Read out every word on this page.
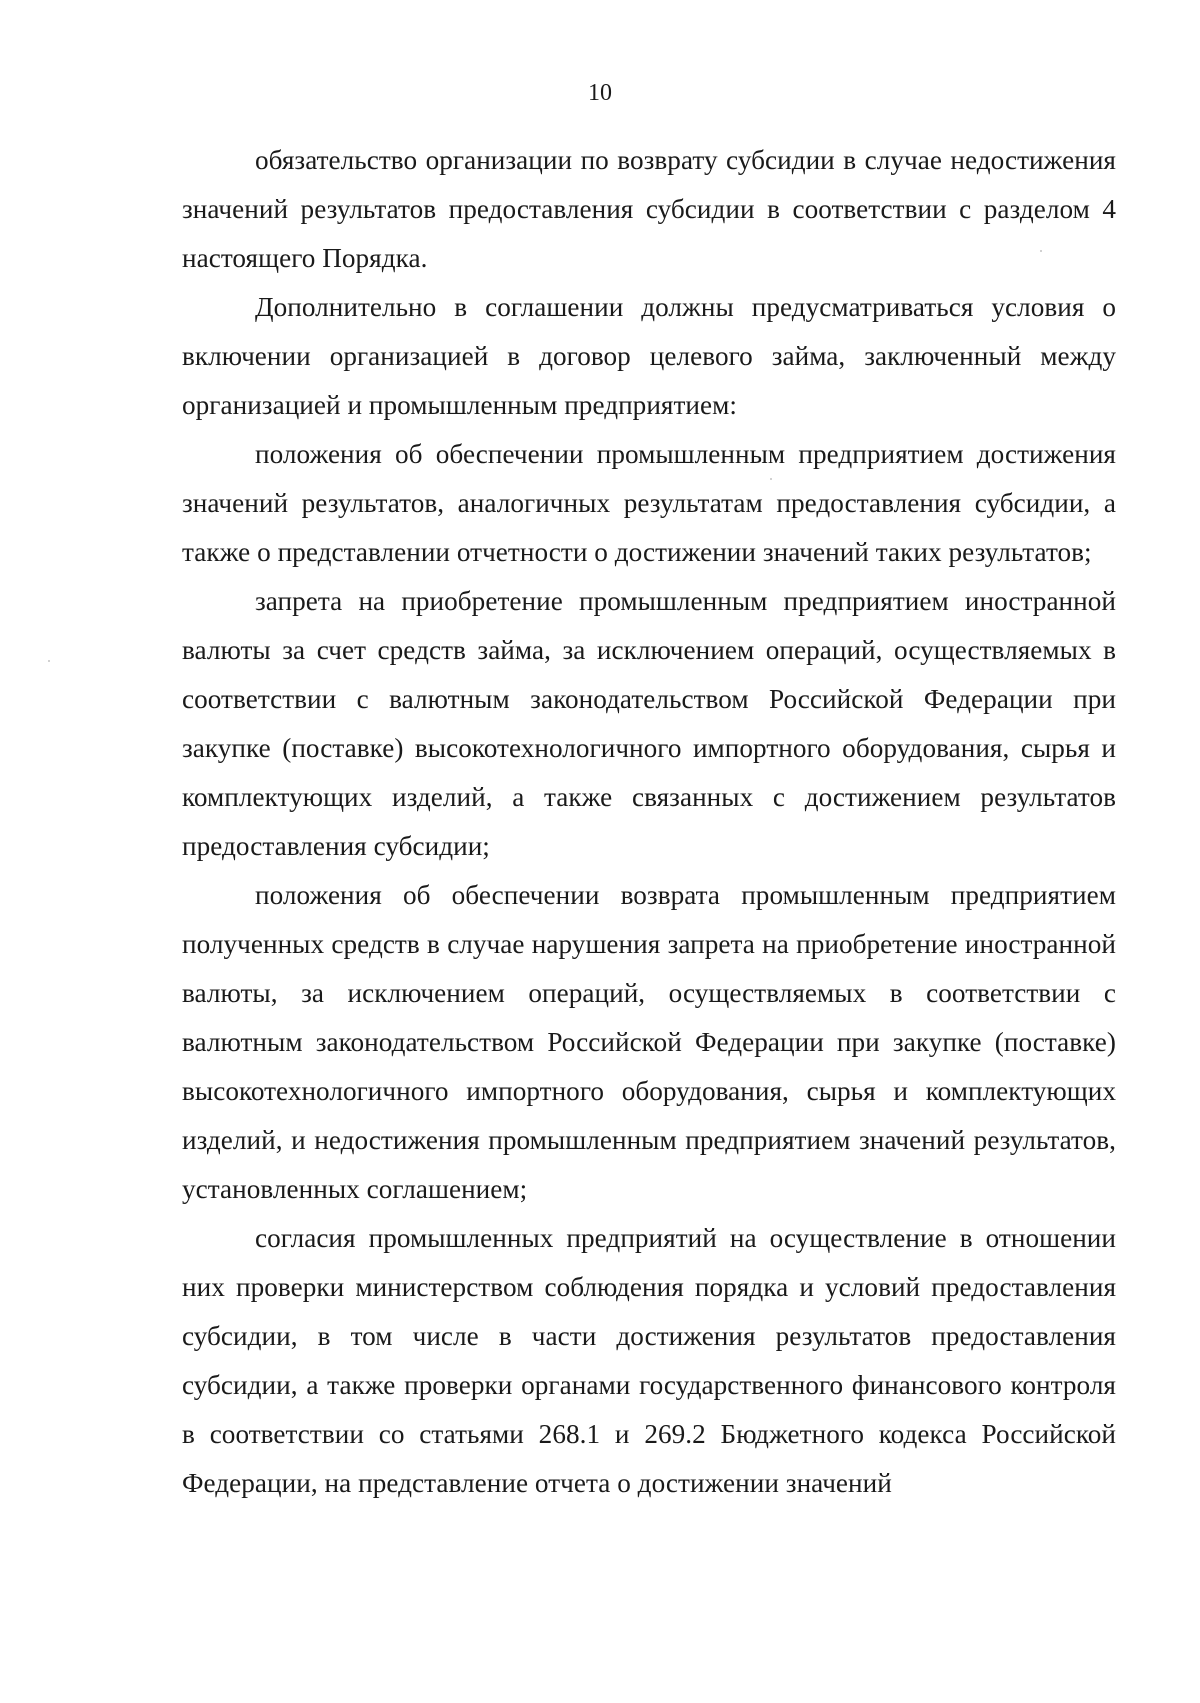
10

обязательство организации по возврату субсидии в случае недостижения значений результатов предоставления субсидии в соответствии с разделом 4 настоящего Порядка.

Дополнительно в соглашении должны предусматриваться условия о включении организацией в договор целевого займа, заключенный между организацией и промышленным предприятием:

положения об обеспечении промышленным предприятием достижения значений результатов, аналогичных результатам предоставления субсидии, а также о представлении отчетности о достижении значений таких результатов;

запрета на приобретение промышленным предприятием иностранной валюты за счет средств займа, за исключением операций, осуществляемых в соответствии с валютным законодательством Российской Федерации при закупке (поставке) высокотехнологичного импортного оборудования, сырья и комплектующих изделий, а также связанных с достижением результатов предоставления субсидии;

положения об обеспечении возврата промышленным предприятием полученных средств в случае нарушения запрета на приобретение иностранной валюты, за исключением операций, осуществляемых в соответствии с валютным законодательством Российской Федерации при закупке (поставке) высокотехнологичного импортного оборудования, сырья и комплектующих изделий, и недостижения промышленным предприятием значений результатов, установленных соглашением;

согласия промышленных предприятий на осуществление в отношении них проверки министерством соблюдения порядка и условий предоставления субсидии, в том числе в части достижения результатов предоставления субсидии, а также проверки органами государственного финансового контроля в соответствии со статьями 268.1 и 269.2 Бюджетного кодекса Российской Федерации, на представление отчета о достижении значений
